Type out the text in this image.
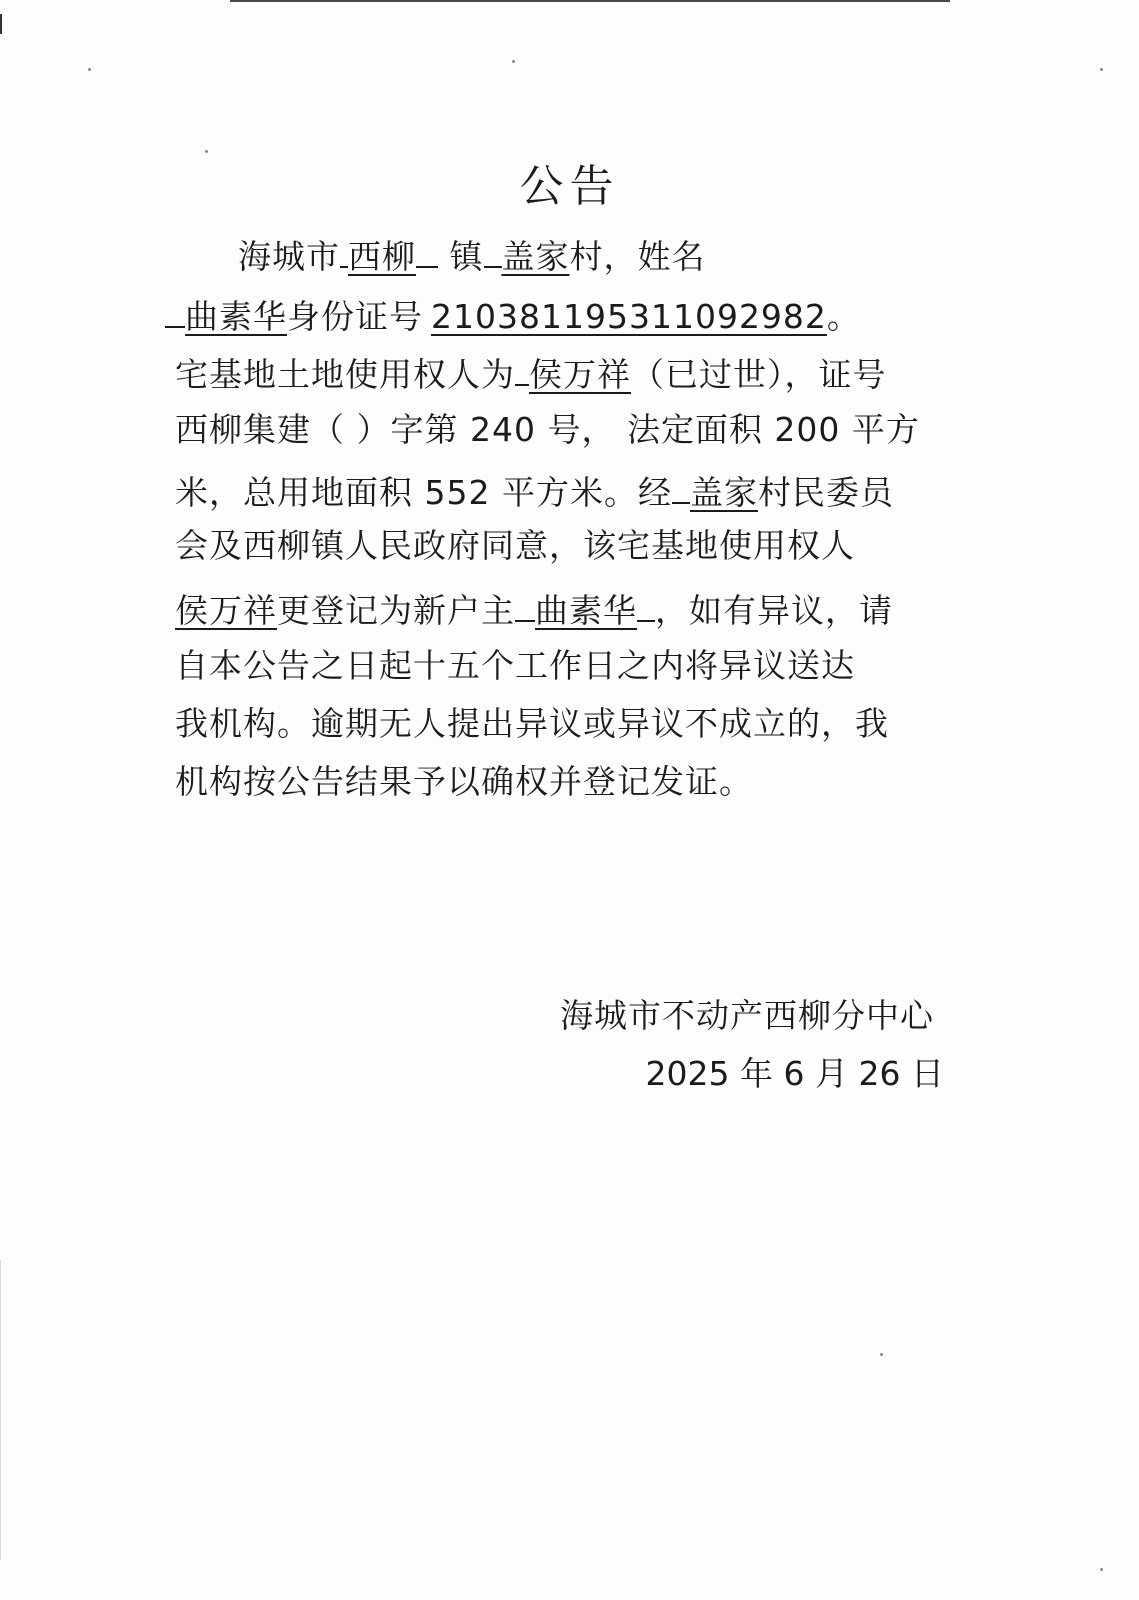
公告
海城市 西柳 镇 盖家村，姓名
曲素华身份证号 210381195311092982。
宅基地土地使用权人为 侯万祥（已过世），证号
西柳集建（ ）字第 240 号， 法定面积 200 平方
米，总用地面积 552 平方米。经 盖家村民委员
会及西柳镇人民政府同意，该宅基地使用权人
侯万祥更登记为新户主 曲素华 ，如有异议，请
自本公告之日起十五个工作日之内将异议送达
我机构。逾期无人提出异议或异议不成立的，我
机构按公告结果予以确权并登记发证。
海城市不动产西柳分中心
2025 年 6 月 26 日
